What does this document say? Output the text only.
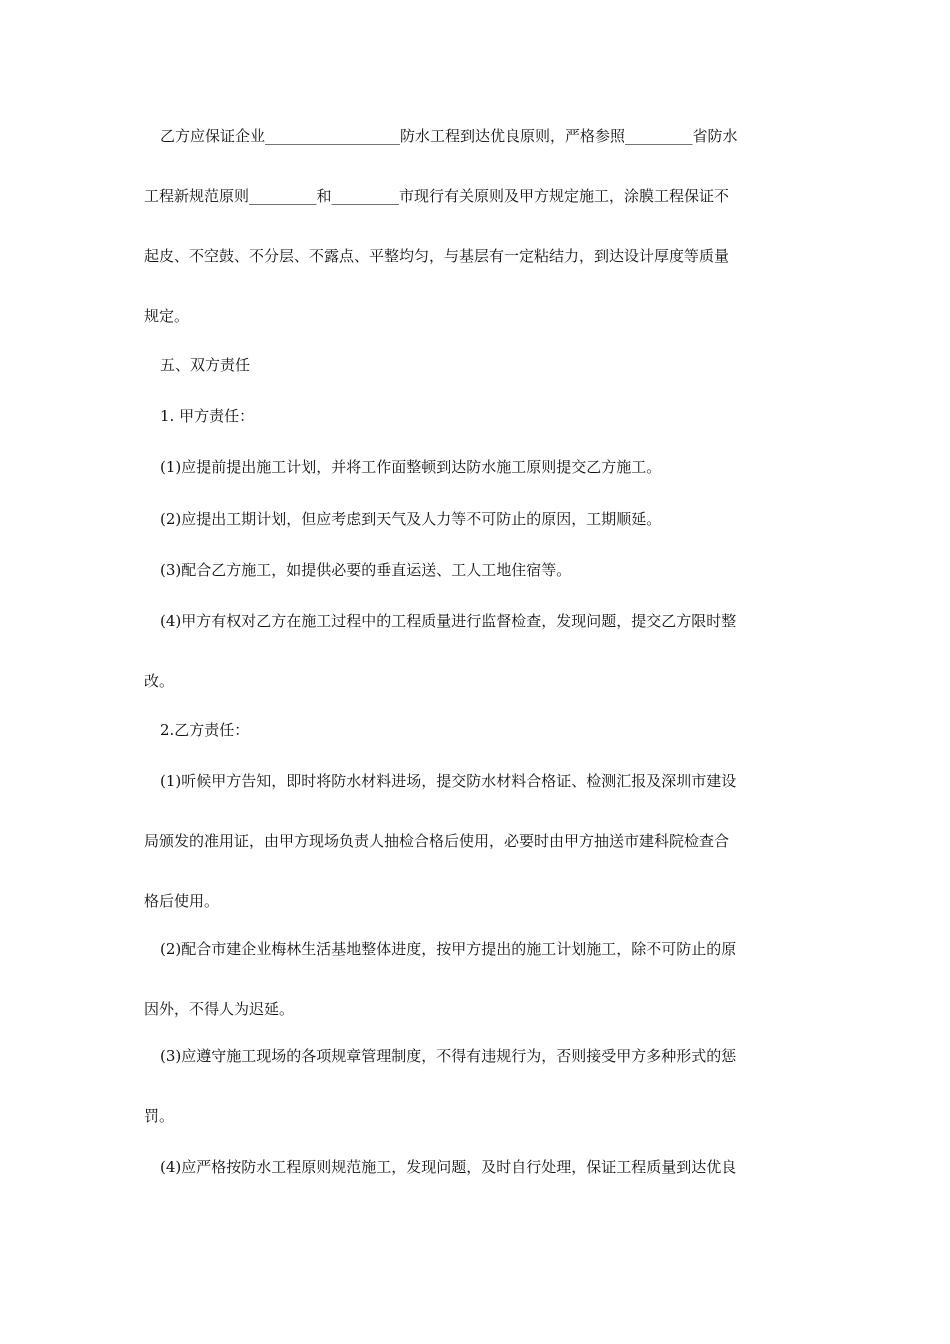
乙方应保证企业__________________防水工程到达优良原则，严格参照_________省防水
工程新规范原则_________和_________市现行有关原则及甲方规定施工，涂膜工程保证不
起皮、不空鼓、不分层、不露点、平整均匀，与基层有一定粘结力，到达设计厚度等质量
规定。
五、双方责任
1. 甲方责任：
(1)应提前提出施工计划，并将工作面整顿到达防水施工原则提交乙方施工。
(2)应提出工期计划，但应考虑到天气及人力等不可防止的原因，工期顺延。
(3)配合乙方施工，如提供必要的垂直运送、工人工地住宿等。
(4)甲方有权对乙方在施工过程中的工程质量进行监督检查，发现问题，提交乙方限时整
改。
2.乙方责任：
(1)听候甲方告知，即时将防水材料进场，提交防水材料合格证、检测汇报及深圳市建设
局颁发的准用证，由甲方现场负责人抽检合格后使用，必要时由甲方抽送市建科院检查合
格后使用。
(2)配合市建企业梅林生活基地整体进度，按甲方提出的施工计划施工，除不可防止的原
因外，不得人为迟延。
(3)应遵守施工现场的各项规章管理制度，不得有违规行为，否则接受甲方多种形式的惩
罚。
(4)应严格按防水工程原则规范施工，发现问题，及时自行处理，保证工程质量到达优良
